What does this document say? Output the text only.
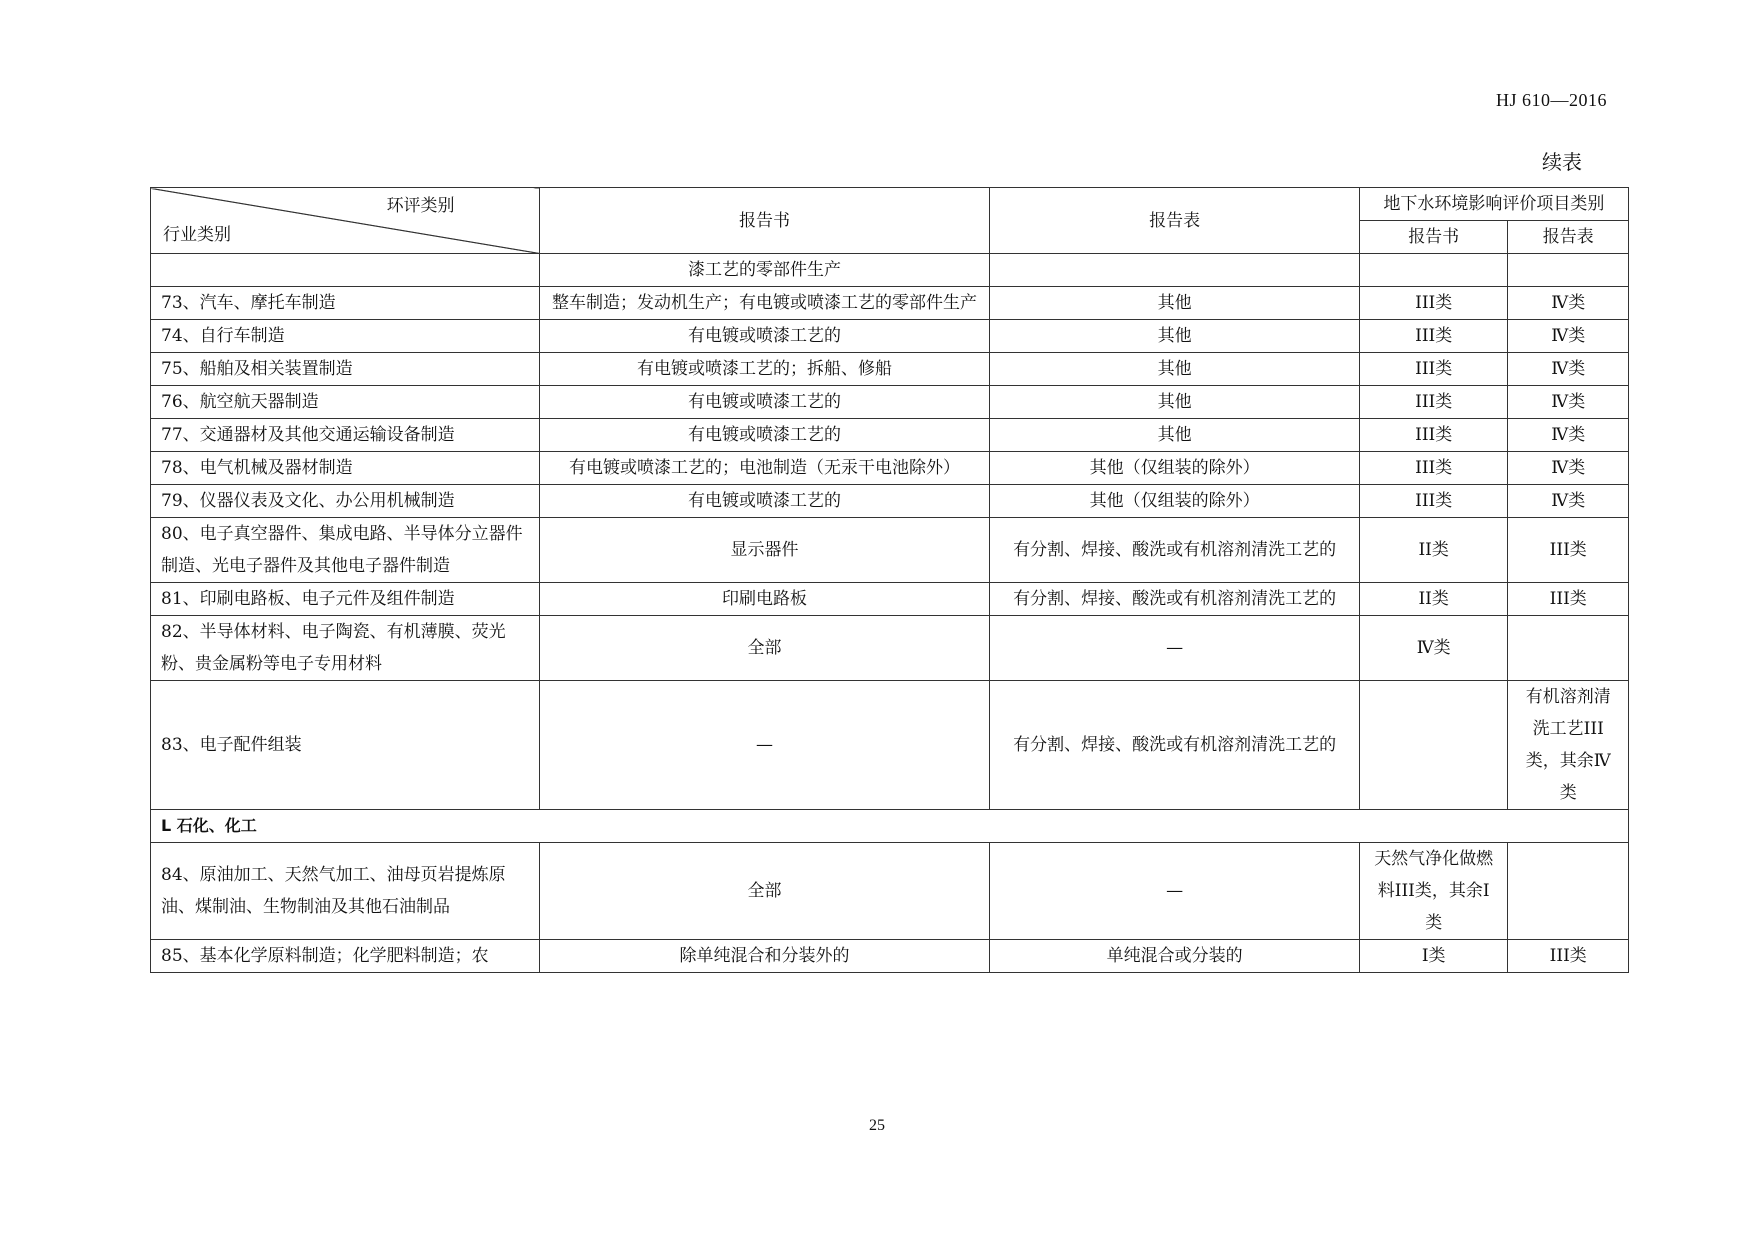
HJ 610—2016
续表
环评类别
行业类别	报告书	报告表	地下水环境影响评价项目类别	
			报告书	报告表
	漆工艺的零部件生产			
73、汽车、摩托车制造	整车制造；发动机生产；有电镀或喷漆工艺的零部件生产	其他	III类	Ⅳ类
74、自行车制造	有电镀或喷漆工艺的	其他	III类	Ⅳ类
75、船舶及相关装置制造	有电镀或喷漆工艺的；拆船、修船	其他	III类	Ⅳ类
76、航空航天器制造	有电镀或喷漆工艺的	其他	III类	Ⅳ类
77、交通器材及其他交通运输设备制造	有电镀或喷漆工艺的	其他	III类	Ⅳ类
78、电气机械及器材制造	有电镀或喷漆工艺的；电池制造（无汞干电池除外）	其他（仅组装的除外）	III类	Ⅳ类
79、仪器仪表及文化、办公用机械制造	有电镀或喷漆工艺的	其他（仅组装的除外）	III类	Ⅳ类
80、电子真空器件、集成电路、半导体分立器件制造、光电子器件及其他电子器件制造	显示器件	有分割、焊接、酸洗或有机溶剂清洗工艺的	II类	III类
81、印刷电路板、电子元件及组件制造	印刷电路板	有分割、焊接、酸洗或有机溶剂清洗工艺的	II类	III类
82、半导体材料、电子陶瓷、有机薄膜、荧光粉、贵金属粉等电子专用材料	全部	—	Ⅳ类	
83、电子配件组装	—	有分割、焊接、酸洗或有机溶剂清洗工艺的		有机溶剂清洗工艺III类，其余Ⅳ类
L 石化、化工				
84、原油加工、天然气加工、油母页岩提炼原油、煤制油、生物制油及其他石油制品	全部	—	天然气净化做燃料III类，其余I类	
85、基本化学原料制造；化学肥料制造；农	除单纯混合和分装外的	单纯混合或分装的	I类	III类
25
